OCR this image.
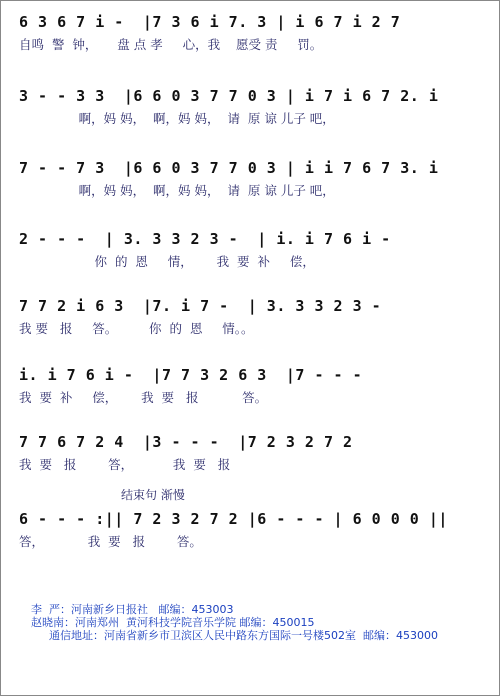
6 3 6 7 i -  |7 3 6 i 7. 3 | i 6 7 i 2 7
自鸣  警  钟，     盘 点 孝     心，我    愿受 责     罚。
3 - - 3 3  |6 6 0 3 7 7 0 3 | i 7 i 6 7 2. i
啊，妈 妈，  啊，妈 妈，  请  原 谅 儿子 吧，
7 - - 7 3  |6 6 0 3 7 7 0 3 | i i 7 6 7 3. i
啊，妈 妈，  啊，妈 妈，  请  原 谅 儿子 吧，
2 - - -  | 3. 3 3 2 3 -  | i. i 7 6 i -
你  的  恩     情，      我  要  补     偿，
7 7 2 i 6 3  |7. i 7 -  | 3. 3 3 2 3 -
我 要   报     答。        你  的  恩     情。。
i. i 7 6 i -  |7 7 3 2 6 3  |7 - - -
我  要  补     偿，      我  要   报           答。
7 7 6 7 2 4  |3 - - -  |7 2 3 2 7 2
我  要   报        答，          我  要   报
结束句 渐慢
6 - - - :|| 7 2 3 2 7 2 |6 - - - | 6 0 0 0 ||
答，           我  要   报        答。
李  严：河南新乡日报社   邮编：453003
赵晓南：河南郑州  黄河科技学院音乐学院 邮编：450015
通信地址：河南省新乡市卫滨区人民中路东方国际一号楼502室  邮编：453000
